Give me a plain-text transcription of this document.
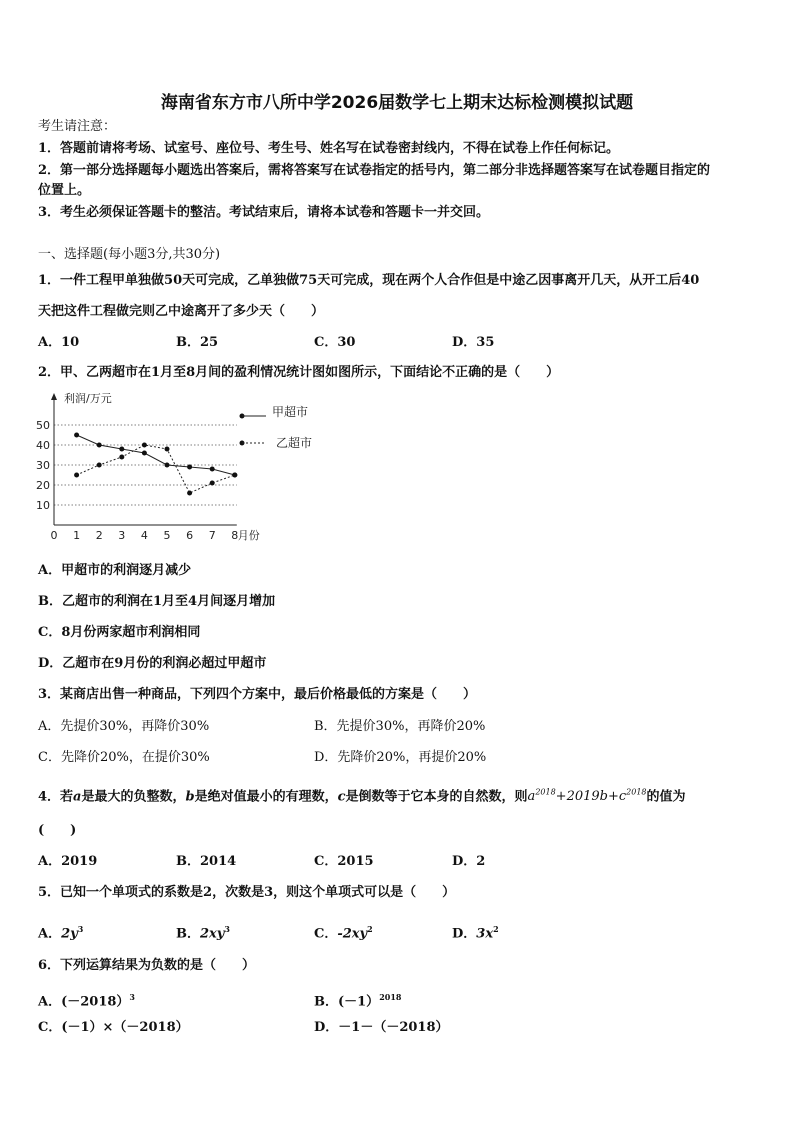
海南省东方市八所中学2026届数学七上期末达标检测模拟试题
考生请注意：
1．答题前请将考场、试室号、座位号、考生号、姓名写在试卷密封线内，不得在试卷上作任何标记。
2．第一部分选择题每小题选出答案后，需将答案写在试卷指定的括号内，第二部分非选择题答案写在试卷题目指定的
位置上。
3．考生必须保证答题卡的整洁。考试结束后，请将本试卷和答题卡一并交回。
一、选择题(每小题3分,共30分)
1．一件工程甲单独做50天可完成，乙单独做75天可完成，现在两个人合作但是中途乙因事离开几天，从开工后40
天把这件工程做完则乙中途离开了多少天（　　）
A．10	B．25	C．30	D．35
2．甲、乙两超市在1月至8月间的盈利情况统计图如图所示，下面结论不正确的是（　　）
10
20
30
40
50
0 1 2 3 4 5 6 7 8
利润/万元
月份
甲超市
乙超市
A．甲超市的利润逐月减少
B．乙超市的利润在1月至4月间逐月增加
C．8月份两家超市利润相同
D．乙超市在9月份的利润必超过甲超市
3．某商店出售一种商品，下列四个方案中，最后价格最低的方案是（　　）
A．先提价30%，再降价30%	B．先提价30%，再降价20%
C．先降价20%，在提价30%	D．先降价20%，再提价20%
4．若a是最大的负整数，b是绝对值最小的有理数，c是倒数等于它本身的自然数，则$a^{2018}+2019b+c^{2018}$的值为
(　　)
A．2019	B．2014	C．2015	D．2
5．已知一个单项式的系数是2，次数是3，则这个单项式可以是（　　）
A．$2y^3$	B．$2xy^3$	C．$-2xy^2$	D．$3x^2$
6．下列运算结果为负数的是（　　）
A．(－2018）$^3$	B．(－1）$^{2018}$
C．(－1）×（－2018）	D．－1－（－2018）
